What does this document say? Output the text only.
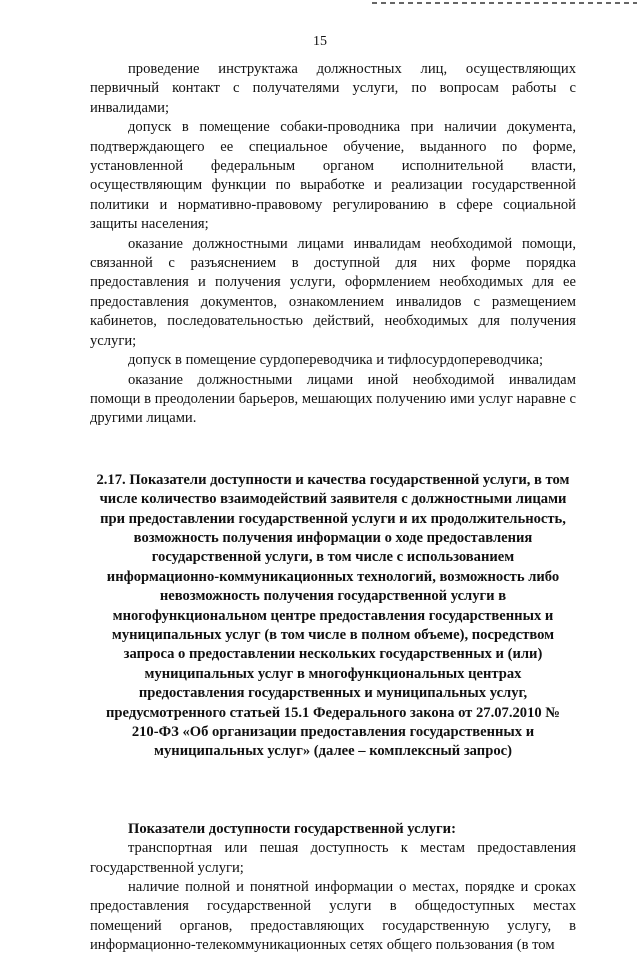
15

проведение инструктажа должностных лиц, осуществляющих первичный контакт с получателями услуги, по вопросам работы с инвалидами;

допуск в помещение собаки-проводника при наличии документа, подтверждающего ее специальное обучение, выданного по форме, установленной федеральным органом исполнительной власти, осуществляющим функции по выработке и реализации государственной политики и нормативно-правовому регулированию в сфере социальной защиты населения;

оказание должностными лицами инвалидам необходимой помощи, связанной с разъяснением в доступной для них форме порядка предоставления и получения услуги, оформлением необходимых для ее предоставления документов, ознакомлением инвалидов с размещением кабинетов, последовательностью действий, необходимых для получения услуги;

допуск в помещение сурдопереводчика и тифлосурдопереводчика;

оказание должностными лицами иной необходимой инвалидам помощи в преодолении барьеров, мешающих получению ими услуг наравне с другими лицами.

2.17. Показатели доступности и качества государственной услуги, в том числе количество взаимодействий заявителя с должностными лицами при предоставлении государственной услуги и их продолжительность, возможность получения информации о ходе предоставления государственной услуги, в том числе с использованием информационно-коммуникационных технологий, возможность либо невозможность получения государственной услуги в многофункциональном центре предоставления государственных и муниципальных услуг (в том числе в полном объеме), посредством запроса о предоставлении нескольких государственных и (или) муниципальных услуг в многофункциональных центрах предоставления государственных и муниципальных услуг, предусмотренного статьей 15.1 Федерального закона от 27.07.2010 № 210-ФЗ «Об организации предоставления государственных и муниципальных услуг» (далее – комплексный запрос)

Показатели доступности государственной услуги:

транспортная или пешая доступность к местам предоставления государственной услуги;

наличие полной и понятной информации о местах, порядке и сроках предоставления государственной услуги в общедоступных местах помещений органов, предоставляющих государственную услугу, в информационно-телекоммуникационных сетях общего пользования (в том
